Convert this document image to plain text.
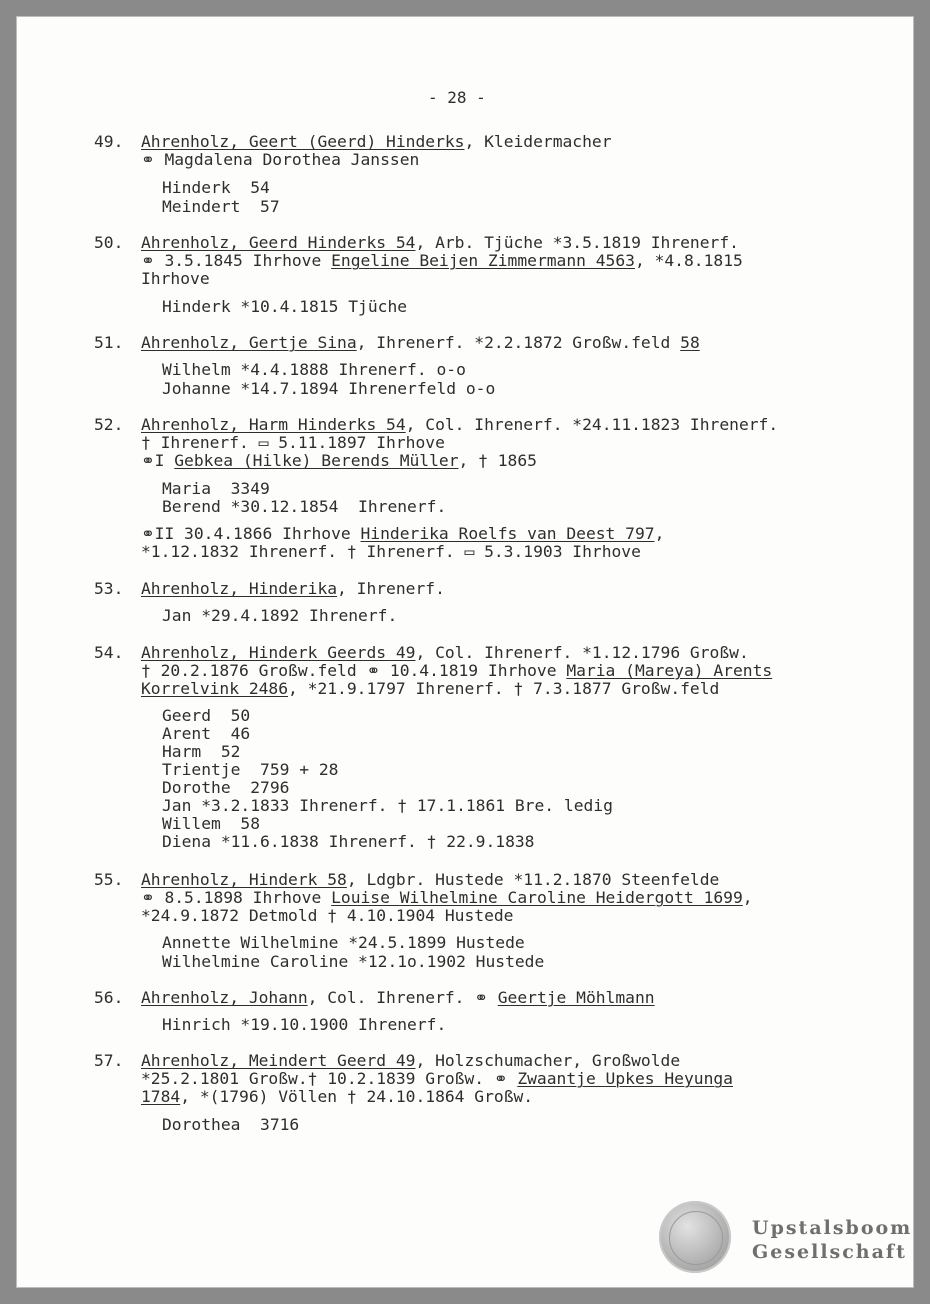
- 28 -
49. Ahrenholz, Geert (Geerd) Hinderks, Kleidermacher
⚭ Magdalena Dorothea Janssen
Hinderk  54
Meindert  57
50. Ahrenholz, Geerd Hinderks 54, Arb. Tjüche *3.5.1819 Ihrenerf.
⚭ 3.5.1845 Ihrhove Engeline Beijen Zimmermann 4563, *4.8.1815
Ihrhove
Hinderk *10.4.1815 Tjüche
51. Ahrenholz, Gertje Sina, Ihrenerf. *2.2.1872 Großw.feld 58
Wilhelm *4.4.1888 Ihrenerf. o-o
Johanne *14.7.1894 Ihrenerfeld o-o
52. Ahrenholz, Harm Hinderks 54, Col. Ihrenerf. *24.11.1823 Ihrenerf.
† Ihrenerf. ▭ 5.11.1897 Ihrhove
⚭I Gebkea (Hilke) Berends Müller, † 1865
Maria  3349
Berend *30.12.1854  Ihrenerf.
⚭II 30.4.1866 Ihrhove Hinderika Roelfs van Deest 797,
*1.12.1832 Ihrenerf. † Ihrenerf. ▭ 5.3.1903 Ihrhove
53. Ahrenholz, Hinderika, Ihrenerf.
Jan *29.4.1892 Ihrenerf.
54. Ahrenholz, Hinderk Geerds 49, Col. Ihrenerf. *1.12.1796 Großw.
† 20.2.1876 Großw.feld ⚭ 10.4.1819 Ihrhove Maria (Mareya) Arents
Korrelvink 2486, *21.9.1797 Ihrenerf. † 7.3.1877 Großw.feld
Geerd  50
Arent  46
Harm  52
Trientje  759 + 28
Dorothe  2796
Jan *3.2.1833 Ihrenerf. † 17.1.1861 Bre. ledig
Willem  58
Diena *11.6.1838 Ihrenerf. † 22.9.1838
55. Ahrenholz, Hinderk 58, Ldgbr. Hustede *11.2.1870 Steenfelde
⚭ 8.5.1898 Ihrhove Louise Wilhelmine Caroline Heidergott 1699,
*24.9.1872 Detmold † 4.10.1904 Hustede
Annette Wilhelmine *24.5.1899 Hustede
Wilhelmine Caroline *12.1o.1902 Hustede
56. Ahrenholz, Johann, Col. Ihrenerf. ⚭ Geertje Möhlmann
Hinrich *19.10.1900 Ihrenerf.
57. Ahrenholz, Meindert Geerd 49, Holzschumacher, Großwolde
*25.2.1801 Großw.† 10.2.1839 Großw. ⚭ Zwaantje Upkes Heyunga
1784, *(1796) Völlen † 24.10.1864 Großw.
Dorothea  3716
Upstalsboom
Gesellschaft
